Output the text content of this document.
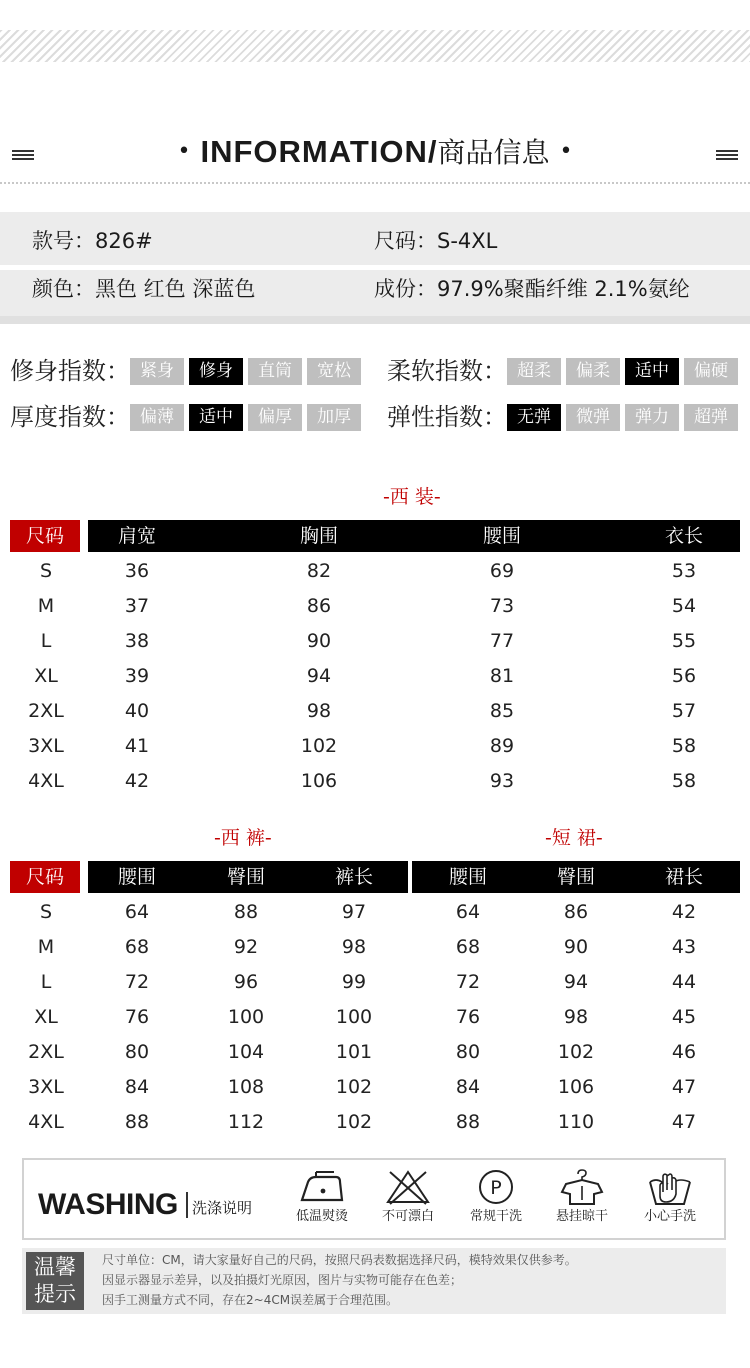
• INFORMATION/商品信息 •
款号：826#	尺码：S-4XL
颜色：黑色 红色 深蓝色	成份：97.9%聚酯纤维 2.1%氨纶
修身指数： 紧身	修身	直筒	宽松	柔软指数： 超柔	偏柔	适中	偏硬
厚度指数： 偏薄	适中	偏厚	加厚	弹性指数： 无弹	微弹	弹力	超弹
-西 装-
尺码	肩宽	胸围	腰围	衣长
S	36	82	69	53
M	37	86	73	54
L	38	90	77	55
XL	39	94	81	56
2XL	40	98	85	57
3XL	41	102	89	58
4XL	42	106	93	58
-西 裤-	-短 裙-
尺码	腰围	臀围	裤长
S	64	88	97
M	68	92	98
L	72	96	99
XL	76	100	100
2XL	80	104	101
3XL	84	108	102
4XL	88	112	102
腰围	臀围	裙长
64	86	42
68	90	43
72	94	44
76	98	45
80	102	46
84	106	47
88	110	47
WASHING 洗涤说明	低温熨烫	不可漂白
P
常规干洗	悬挂晾干	小心手洗
温馨
提示
尺寸单位：CM，请大家量好自己的尺码，按照尺码表数据选择尺码，模特效果仅供参考。
因显示器显示差异，以及拍摄灯光原因，图片与实物可能存在色差；
因手工测量方式不同，存在2~4CM误差属于合理范围。
